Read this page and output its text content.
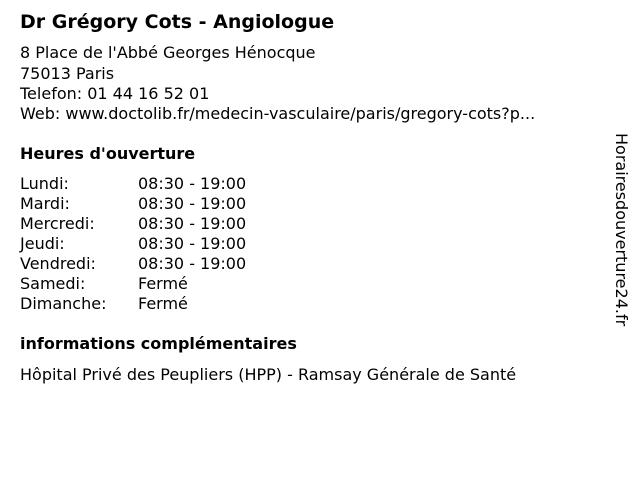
Dr Grégory Cots - Angiologue
8 Place de l'Abbé Georges Hénocque
75013 Paris
Telefon: 01 44 16 52 01
Web: www.doctolib.fr/medecin-vasculaire/paris/gregory-cots?p...
Heures d'ouverture
Lundi:	08:30 - 19:00
Mardi:	08:30 - 19:00
Mercredi:	08:30 - 19:00
Jeudi:	08:30 - 19:00
Vendredi:	08:30 - 19:00
Samedi:	Fermé
Dimanche:	Fermé
informations complémentaires
Hôpital Privé des Peupliers (HPP) - Ramsay Générale de Santé
Horairesdouverture24.fr
